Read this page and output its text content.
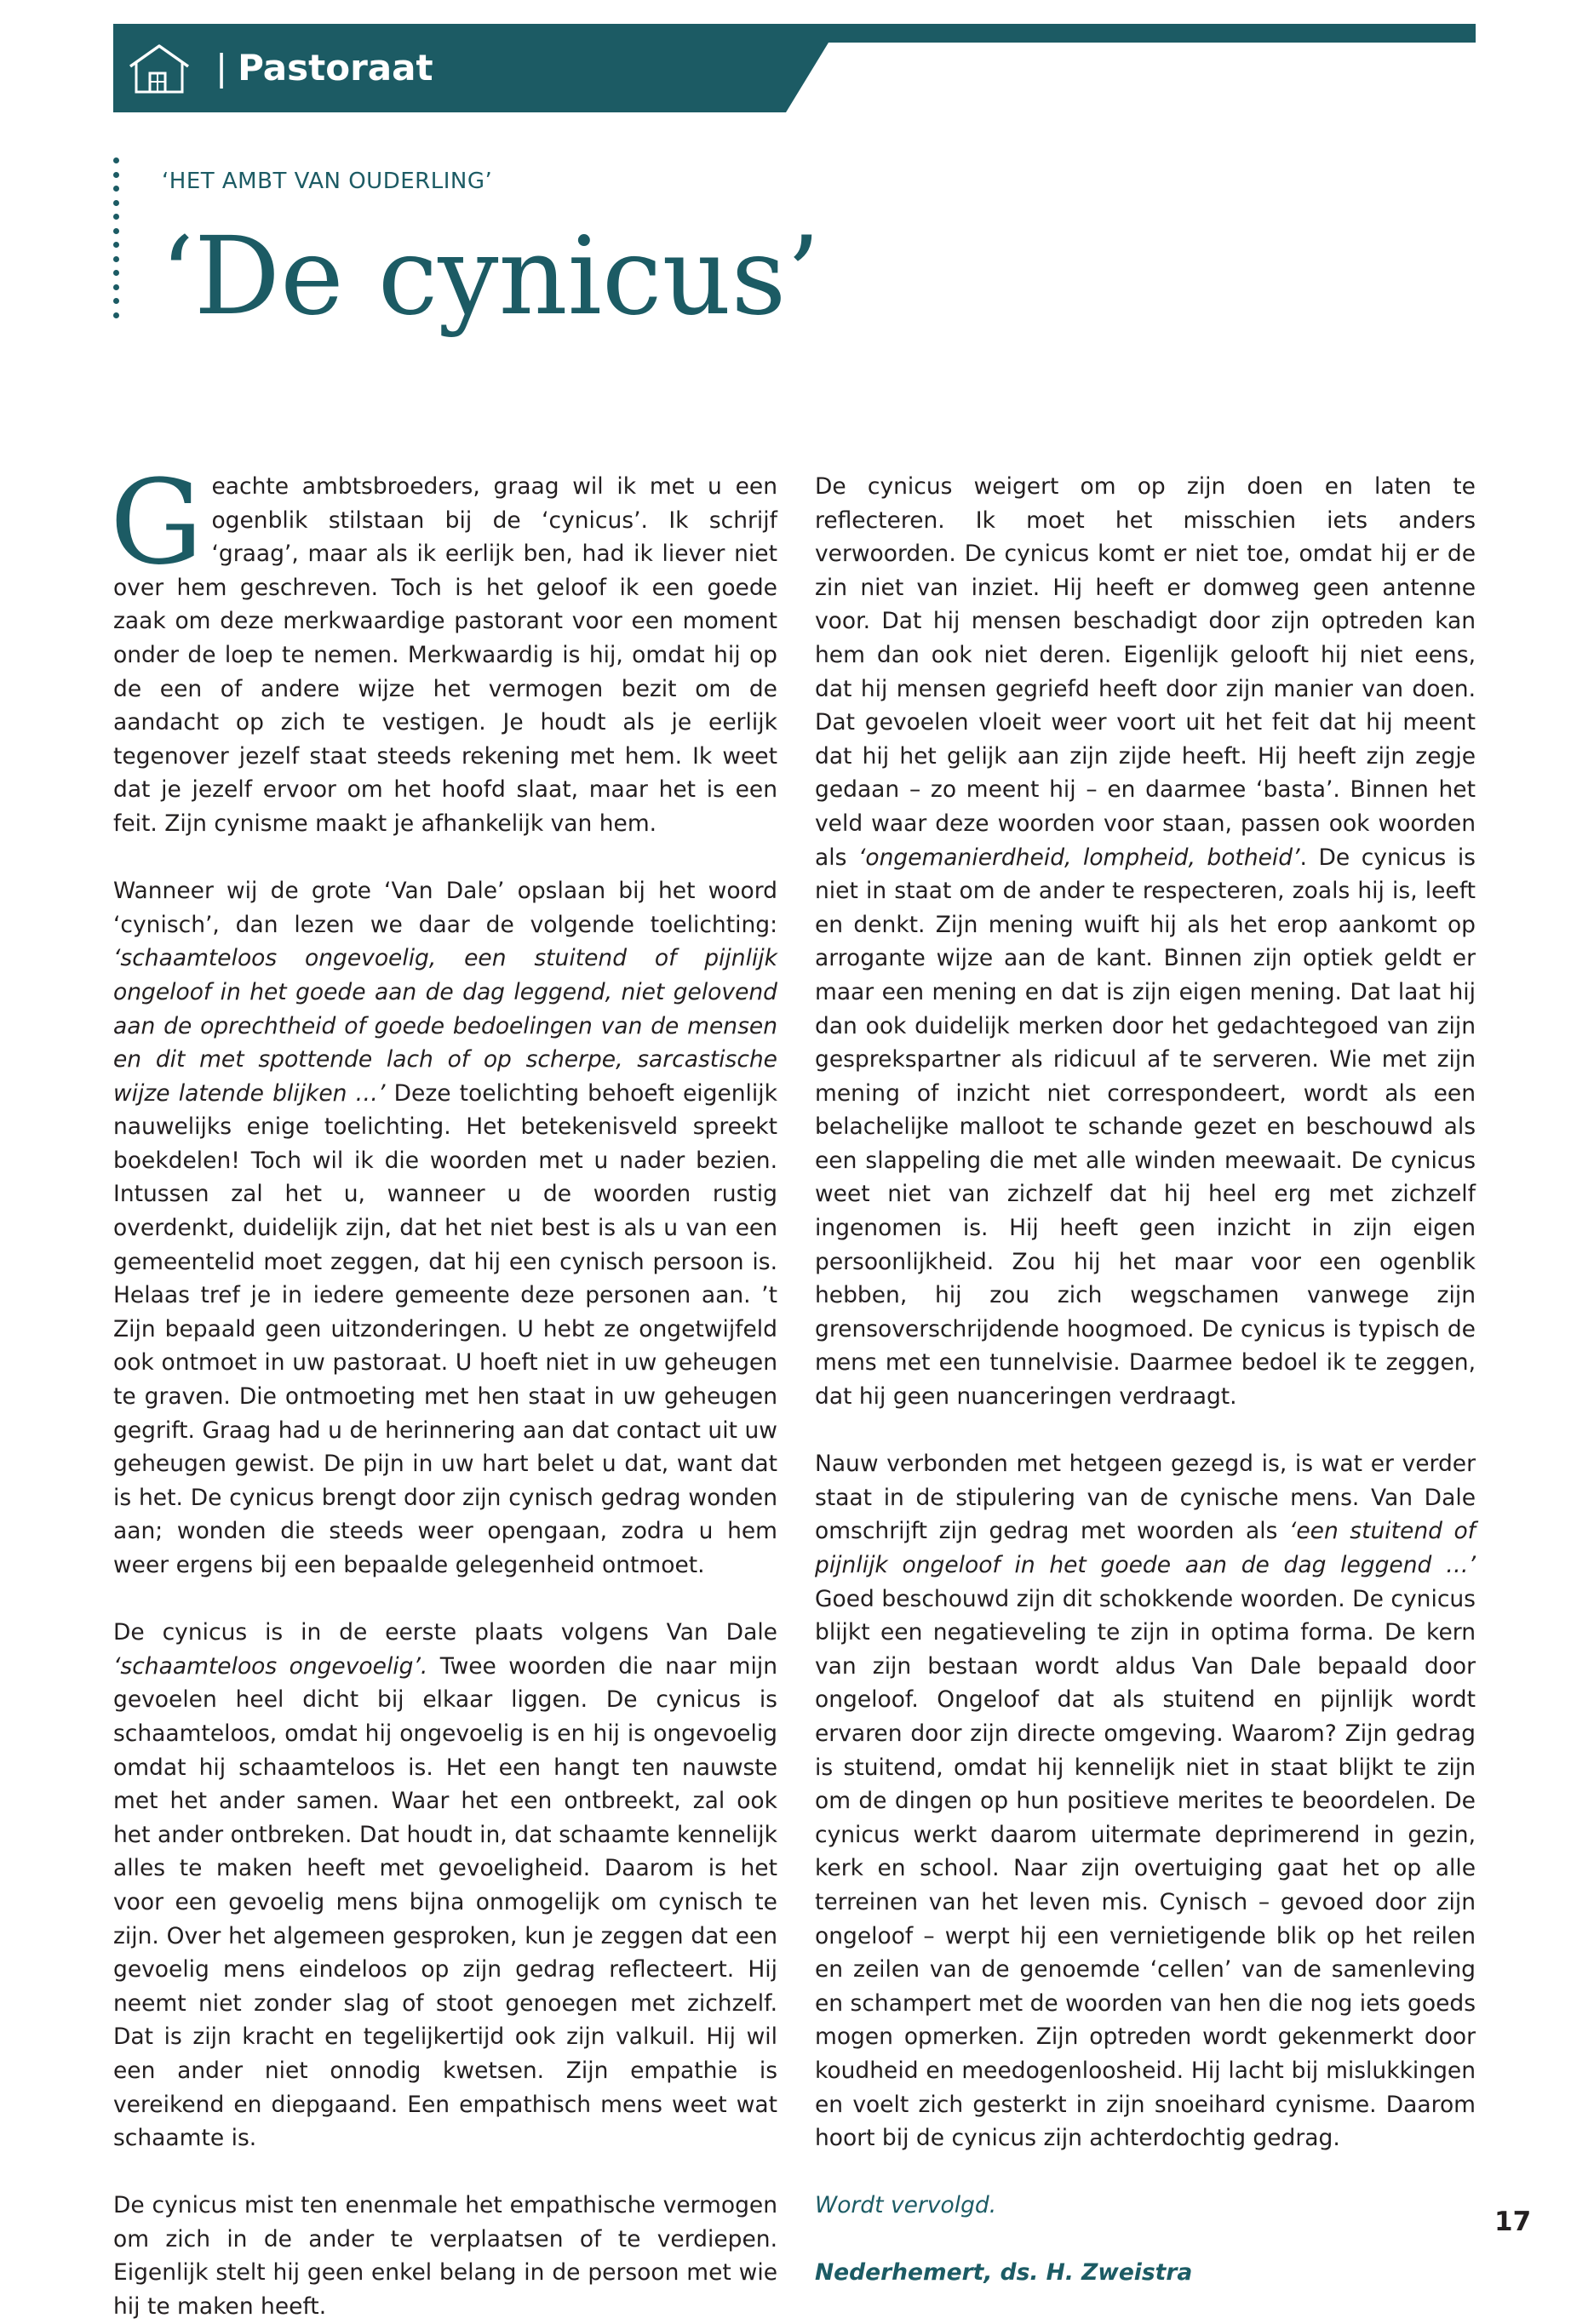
| Pastoraat
‘HET AMBT VAN OUDERLING’
‘De cynicus’

Geachte ambtsbroeders, graag wil ik met u een ogenblik stilstaan bij de ‘cynicus’. Ik schrijf ‘graag’, maar als ik eerlijk ben, had ik liever niet over hem geschreven. Toch is het geloof ik een goede zaak om deze merkwaardige pastorant voor een moment onder de loep te nemen. Merkwaardig is hij, omdat hij op de een of andere wijze het vermogen bezit om de aandacht op zich te vestigen. Je houdt als je eerlijk tegenover jezelf staat steeds rekening met hem. Ik weet dat je jezelf ervoor om het hoofd slaat, maar het is een feit. Zijn cynisme maakt je afhankelijk van hem.

Wanneer wij de grote ‘Van Dale’ opslaan bij het woord ‘cynisch’, dan lezen we daar de volgende toelichting: ‘schaamteloos ongevoelig, een stuitend of pijnlijk ongeloof in het goede aan de dag leggend, niet gelovend aan de oprechtheid of goede bedoelingen van de mensen en dit met spottende lach of op scherpe, sarcastische wijze latende blijken …’ Deze toelichting behoeft eigenlijk nauwelijks enige toelichting. Het betekenisveld spreekt boekdelen! Toch wil ik die woorden met u nader bezien. Intussen zal het u, wanneer u de woorden rustig overdenkt, duidelijk zijn, dat het niet best is als u van een gemeentelid moet zeggen, dat hij een cynisch persoon is. Helaas tref je in iedere gemeente deze personen aan. ’t Zijn bepaald geen uitzonderingen. U hebt ze ongetwijfeld ook ontmoet in uw pastoraat. U hoeft niet in uw geheugen te graven. Die ontmoeting met hen staat in uw geheugen gegrift. Graag had u de herinnering aan dat contact uit uw geheugen gewist. De pijn in uw hart belet u dat, want dat is het. De cynicus brengt door zijn cynisch gedrag wonden aan; wonden die steeds weer opengaan, zodra u hem weer ergens bij een bepaalde gelegenheid ontmoet.

De cynicus is in de eerste plaats volgens Van Dale ‘schaamteloos ongevoelig’. Twee woorden die naar mijn gevoelen heel dicht bij elkaar liggen. De cynicus is schaamteloos, omdat hij ongevoelig is en hij is ongevoelig omdat hij schaamteloos is. Het een hangt ten nauwste met het ander samen. Waar het een ontbreekt, zal ook het ander ontbreken. Dat houdt in, dat schaamte kennelijk alles te maken heeft met gevoeligheid. Daarom is het voor een gevoelig mens bijna onmogelijk om cynisch te zijn. Over het algemeen gesproken, kun je zeggen dat een gevoelig mens eindeloos op zijn gedrag reflecteert. Hij neemt niet zonder slag of stoot genoegen met zichzelf. Dat is zijn kracht en tegelijkertijd ook zijn valkuil. Hij wil een ander niet onnodig kwetsen. Zijn empathie is vereikend en diepgaand. Een empathisch mens weet wat schaamte is.

De cynicus mist ten enenmale het empathische vermogen om zich in de ander te verplaatsen of te verdiepen. Eigenlijk stelt hij geen enkel belang in de persoon met wie hij te maken heeft.

De cynicus weigert om op zijn doen en laten te reflecteren. Ik moet het misschien iets anders verwoorden. De cynicus komt er niet toe, omdat hij er de zin niet van inziet. Hij heeft er domweg geen antenne voor. Dat hij mensen beschadigt door zijn optreden kan hem dan ook niet deren. Eigenlijk gelooft hij niet eens, dat hij mensen gegriefd heeft door zijn manier van doen. Dat gevoelen vloeit weer voort uit het feit dat hij meent dat hij het gelijk aan zijn zijde heeft. Hij heeft zijn zegje gedaan – zo meent hij – en daarmee ‘basta’. Binnen het veld waar deze woorden voor staan, passen ook woorden als ‘ongemanierdheid, lompheid, botheid’. De cynicus is niet in staat om de ander te respecteren, zoals hij is, leeft en denkt. Zijn mening wuift hij als het erop aankomt op arrogante wijze aan de kant. Binnen zijn optiek geldt er maar een mening en dat is zijn eigen mening. Dat laat hij dan ook duidelijk merken door het gedachtegoed van zijn gesprekspartner als ridicuul af te serveren. Wie met zijn mening of inzicht niet correspondeert, wordt als een belachelijke malloot te schande gezet en beschouwd als een slappeling die met alle winden meewaait. De cynicus weet niet van zichzelf dat hij heel erg met zichzelf ingenomen is. Hij heeft geen inzicht in zijn eigen persoonlijkheid. Zou hij het maar voor een ogenblik hebben, hij zou zich wegschamen vanwege zijn grensoverschrijdende hoogmoed. De cynicus is typisch de mens met een tunnelvisie. Daarmee bedoel ik te zeggen, dat hij geen nuanceringen verdraagt.

Nauw verbonden met hetgeen gezegd is, is wat er verder staat in de stipulering van de cynische mens. Van Dale omschrijft zijn gedrag met woorden als ‘een stuitend of pijnlijk ongeloof in het goede aan de dag leggend …’ Goed beschouwd zijn dit schokkende woorden. De cynicus blijkt een negatieveling te zijn in optima forma. De kern van zijn bestaan wordt aldus Van Dale bepaald door ongeloof. Ongeloof dat als stuitend en pijnlijk wordt ervaren door zijn directe omgeving. Waarom? Zijn gedrag is stuitend, omdat hij kennelijk niet in staat blijkt te zijn om de dingen op hun positieve merites te beoordelen. De cynicus werkt daarom uitermate deprimerend in gezin, kerk en school. Naar zijn overtuiging gaat het op alle terreinen van het leven mis. Cynisch – gevoed door zijn ongeloof – werpt hij een vernietigende blik op het reilen en zeilen van de genoemde ‘cellen’ van de samenleving en schampert met de woorden van hen die nog iets goeds mogen opmerken. Zijn optreden wordt gekenmerkt door koudheid en meedogenloosheid. Hij lacht bij mislukkingen en voelt zich gesterkt in zijn snoeihard cynisme. Daarom hoort bij de cynicus zijn achterdochtig gedrag.

Wordt vervolgd.

Nederhemert, ds. H. Zweistra

17
